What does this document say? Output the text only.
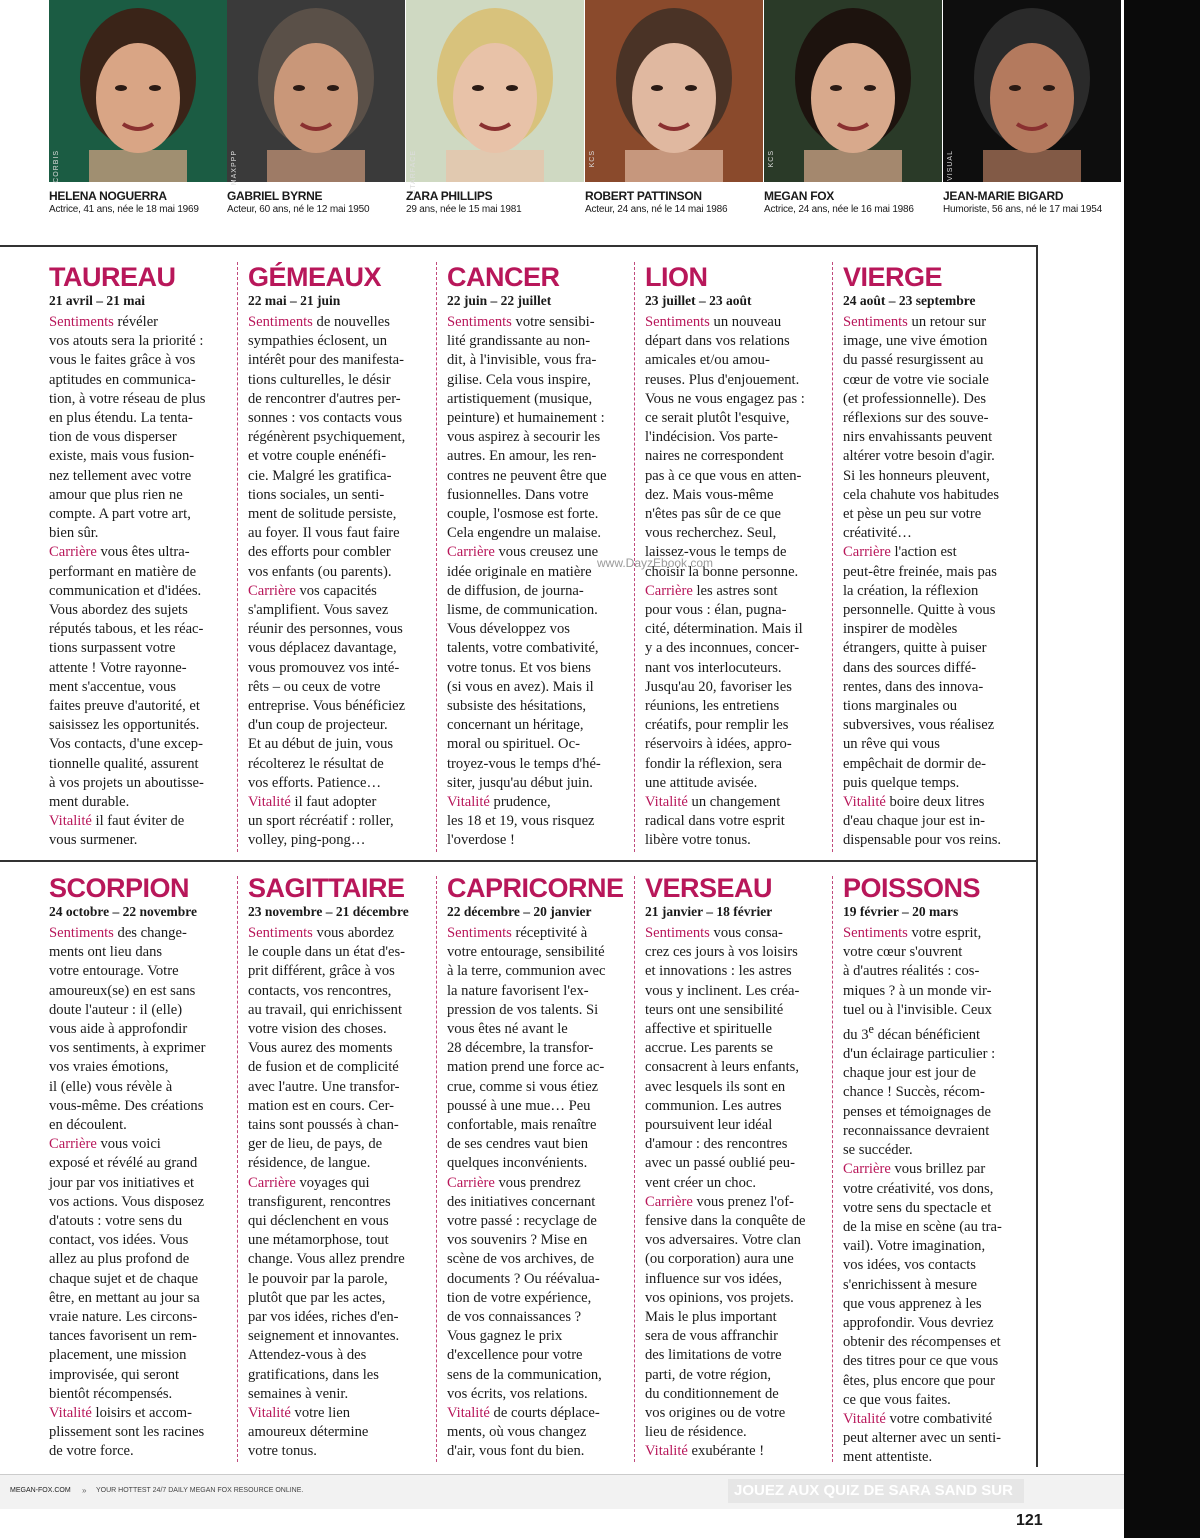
CORBIS
HELENA NOGUERRA
Actrice, 41 ans, née le 18 mai 1969
MAXPPP
GABRIEL BYRNE
Acteur, 60 ans, né le 12 mai 1950
STARFACE
ZARA PHILLIPS
29 ans, née le 15 mai 1981
KCS
ROBERT PATTINSON
Acteur, 24 ans, né le 14 mai 1986
KCS
MEGAN FOX
Actrice, 24 ans, née le 16 mai 1986
VISUAL
JEAN-MARIE BIGARD
Humoriste, 56 ans, né le 17 mai 1954
TAUREAU
21 avril – 21 mai

Sentiments révéler

vos atouts sera la priorité :

vous le faites grâce à vos

aptitudes en communica-

tion, à votre réseau de plus

en plus étendu. La tenta-

tion de vous disperser

existe, mais vous fusion-

nez tellement avec votre

amour que plus rien ne

compte. A part votre art,

bien sûr.

Carrière vous êtes ultra-

performant en matière de

communication et d'idées.

Vous abordez des sujets

réputés tabous, et les réac-

tions surpassent votre

attente ! Votre rayonne-

ment s'accentue, vous

faites preuve d'autorité, et

saisissez les opportunités.

Vos contacts, d'une excep-

tionnelle qualité, assurent

à vos projets un aboutisse-

ment durable.

Vitalité il faut éviter de

vous surmener.

GÉMEAUX
22 mai – 21 juin

Sentiments de nouvelles

sympathies éclosent, un

intérêt pour des manifesta-

tions culturelles, le désir

de rencontrer d'autres per-

sonnes : vos contacts vous

régénèrent psychiquement,

et votre couple enénéfi-

cie. Malgré les gratifica-

tions sociales, un senti-

ment de solitude persiste,

au foyer. Il vous faut faire

des efforts pour combler

vos enfants (ou parents).

Carrière vos capacités

s'amplifient. Vous savez

réunir des personnes, vous

vous déplacez davantage,

vous promouvez vos inté-

rêts – ou ceux de votre

entreprise. Vous bénéficiez

d'un coup de projecteur.

Et au début de juin, vous

récolterez le résultat de

vos efforts. Patience…

Vitalité il faut adopter

un sport récréatif : roller,

volley, ping-pong…

CANCER
22 juin – 22 juillet

Sentiments votre sensibi-

lité grandissante au non-

dit, à l'invisible, vous fra-

gilise. Cela vous inspire,

artistiquement (musique,

peinture) et humainement :

vous aspirez à secourir les

autres. En amour, les ren-

contres ne peuvent être que

fusionnelles. Dans votre

couple, l'osmose est forte.

Cela engendre un malaise.

Carrière vous creusez une

idée originale en matière

de diffusion, de journa-

lisme, de communication.

Vous développez vos

talents, votre combativité,

votre tonus. Et vos biens

(si vous en avez). Mais il

subsiste des hésitations,

concernant un héritage,

moral ou spirituel. Oc-

troyez-vous le temps d'hé-

siter, jusqu'au début juin.

Vitalité prudence,

les 18 et 19, vous risquez

l'overdose !

LION
23 juillet – 23 août

Sentiments un nouveau

départ dans vos relations

amicales et/ou amou-

reuses. Plus d'enjouement.

Vous ne vous engagez pas :

ce serait plutôt l'esquive,

l'indécision. Vos parte-

naires ne correspondent

pas à ce que vous en atten-

dez. Mais vous-même

n'êtes pas sûr de ce que

vous recherchez. Seul,

laissez-vous le temps de

choisir la bonne personne.

Carrière les astres sont

pour vous : élan, pugna-

cité, détermination. Mais il

y a des inconnues, concer-

nant vos interlocuteurs.

Jusqu'au 20, favoriser les

réunions, les entretiens

créatifs, pour remplir les

réservoirs à idées, appro-

fondir la réflexion, sera

une attitude avisée.

Vitalité un changement

radical dans votre esprit

libère votre tonus.

VIERGE
24 août – 23 septembre

Sentiments un retour sur

image, une vive émotion

du passé resurgissent au

cœur de votre vie sociale

(et professionnelle). Des

réflexions sur des souve-

nirs envahissants peuvent

altérer votre besoin d'agir.

Si les honneurs pleuvent,

cela chahute vos habitudes

et pèse un peu sur votre

créativité…

Carrière l'action est

peut-être freinée, mais pas

la création, la réflexion

personnelle. Quitte à vous

inspirer de modèles

étrangers, quitte à puiser

dans des sources diffé-

rentes, dans des innova-

tions marginales ou

subversives, vous réalisez

un rêve qui vous

empêchait de dormir de-

puis quelque temps.

Vitalité boire deux litres

d'eau chaque jour est in-

dispensable pour vos reins.

SCORPION
24 octobre – 22 novembre

Sentiments des change-

ments ont lieu dans

votre entourage. Votre

amoureux(se) en est sans

doute l'auteur : il (elle)

vous aide à approfondir

vos sentiments, à exprimer

vos vraies émotions,

il (elle) vous révèle à

vous-même. Des créations

en découlent.

Carrière vous voici

exposé et révélé au grand

jour par vos initiatives et

vos actions. Vous disposez

d'atouts : votre sens du

contact, vos idées. Vous

allez au plus profond de

chaque sujet et de chaque

être, en mettant au jour sa

vraie nature. Les circons-

tances favorisent un rem-

placement, une mission

improvisée, qui seront

bientôt récompensés.

Vitalité loisirs et accom-

plissement sont les racines

de votre force.

SAGITTAIRE
23 novembre – 21 décembre

Sentiments vous abordez

le couple dans un état d'es-

prit différent, grâce à vos

contacts, vos rencontres,

au travail, qui enrichissent

votre vision des choses.

Vous aurez des moments

de fusion et de complicité

avec l'autre. Une transfor-

mation est en cours. Cer-

tains sont poussés à chan-

ger de lieu, de pays, de

résidence, de langue.

Carrière voyages qui

transfigurent, rencontres

qui déclenchent en vous

une métamorphose, tout

change. Vous allez prendre

le pouvoir par la parole,

plutôt que par les actes,

par vos idées, riches d'en-

seignement et innovantes.

Attendez-vous à des

gratifications, dans les

semaines à venir.

Vitalité votre lien

amoureux détermine

votre tonus.

CAPRICORNE
22 décembre – 20 janvier

Sentiments réceptivité à

votre entourage, sensibilité

à la terre, communion avec

la nature favorisent l'ex-

pression de vos talents. Si

vous êtes né avant le

28 décembre, la transfor-

mation prend une force ac-

crue, comme si vous étiez

poussé à une mue… Peu

confortable, mais renaître

de ses cendres vaut bien

quelques inconvénients.

Carrière vous prendrez

des initiatives concernant

votre passé : recyclage de

vos souvenirs ? Mise en

scène de vos archives, de

documents ? Ou réévalua-

tion de votre expérience,

de vos connaissances ?

Vous gagnez le prix

d'excellence pour votre

sens de la communication,

vos écrits, vos relations.

Vitalité de courts déplace-

ments, où vous changez

d'air, vous font du bien.

VERSEAU
21 janvier – 18 février

Sentiments vous consa-

crez ces jours à vos loisirs

et innovations : les astres

vous y inclinent. Les créa-

teurs ont une sensibilité

affective et spirituelle

accrue. Les parents se

consacrent à leurs enfants,

avec lesquels ils sont en

communion. Les autres

poursuivent leur idéal

d'amour : des rencontres

avec un passé oublié peu-

vent créer un choc.

Carrière vous prenez l'of-

fensive dans la conquête de

vos adversaires. Votre clan

(ou corporation) aura une

influence sur vos idées,

vos opinions, vos projets.

Mais le plus important

sera de vous affranchir

des limitations de votre

parti, de votre région,

du conditionnement de

vos origines ou de votre

lieu de résidence.

Vitalité exubérante !

POISSONS
19 février – 20 mars

Sentiments votre esprit,

votre cœur s'ouvrent

à d'autres réalités : cos-

miques ? à un monde vir-

tuel ou à l'invisible. Ceux

du 3e décan bénéficient

d'un éclairage particulier :

chaque jour est jour de

chance ! Succès, récom-

penses et témoignages de

reconnaissance devraient

se succéder.

Carrière vous brillez par

votre créativité, vos dons,

votre sens du spectacle et

de la mise en scène (au tra-

vail). Votre imagination,

vos idées, vos contacts

s'enrichissent à mesure

que vous apprenez à les

approfondir. Vous devriez

obtenir des récompenses et

des titres pour ce que vous

êtes, plus encore que pour

ce que vous faites.

Vitalité votre combativité

peut alterner avec un senti-

ment attentiste.

www.DayzEbook.com
MEGAN-FOX.COM » YOUR HOTTEST 24/7 DAILY MEGAN FOX RESOURCE ONLINE.	JOUEZ AUX QUIZ DE SARA SAND SUR
121
